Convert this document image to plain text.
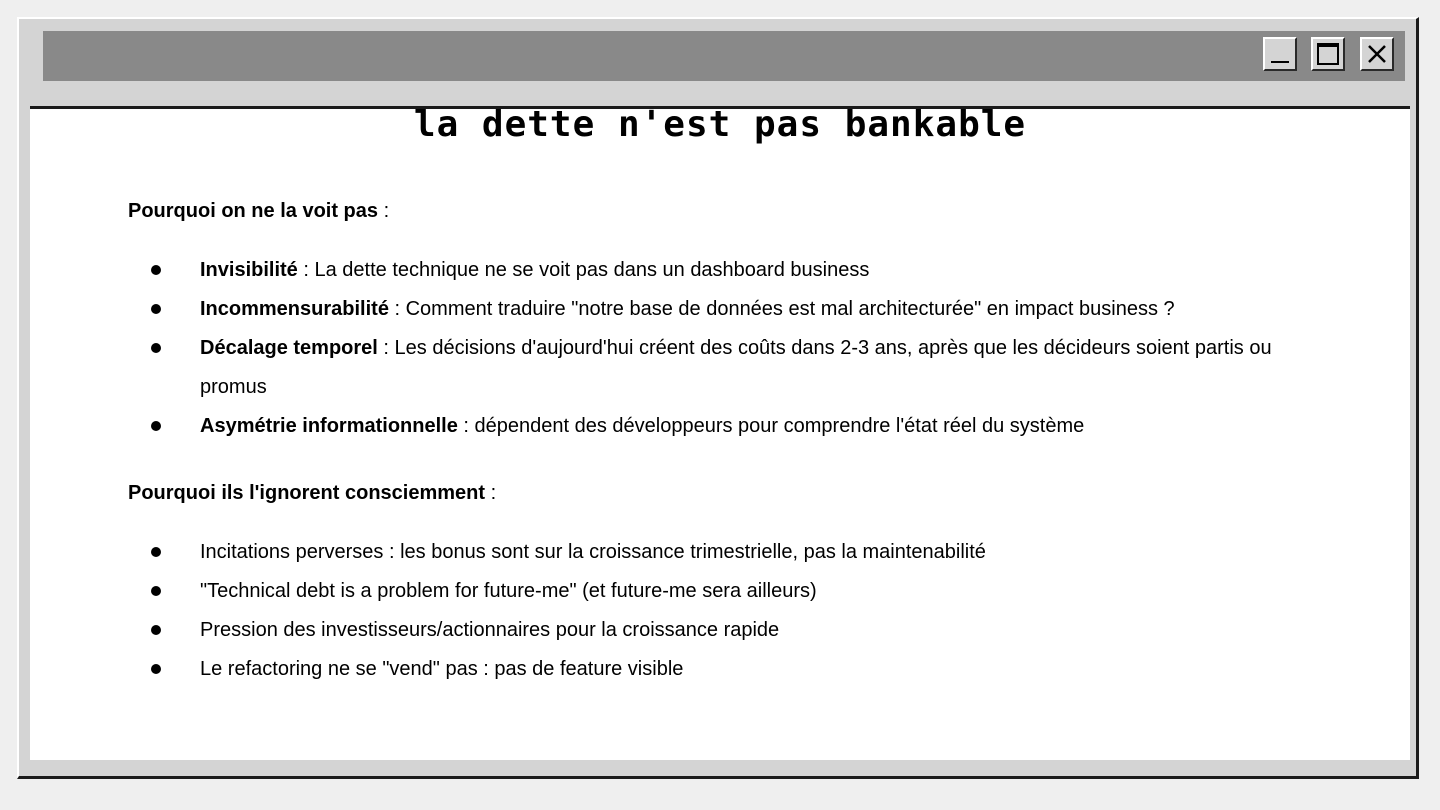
la dette n'est pas bankable

Pourquoi on ne la voit pas :

Invisibilité : La dette technique ne se voit pas dans un dashboard business
Incommensurabilité : Comment traduire "notre base de données est mal architecturée" en impact business ?
Décalage temporel : Les décisions d'aujourd'hui créent des coûts dans 2-3 ans, après que les décideurs soient partis ou promus
Asymétrie informationnelle : dépendent des développeurs pour comprendre l'état réel du système

Pourquoi ils l'ignorent consciemment :

Incitations perverses : les bonus sont sur la croissance trimestrielle, pas la maintenabilité
"Technical debt is a problem for future-me" (et future-me sera ailleurs)
Pression des investisseurs/actionnaires pour la croissance rapide
Le refactoring ne se "vend" pas : pas de feature visible
